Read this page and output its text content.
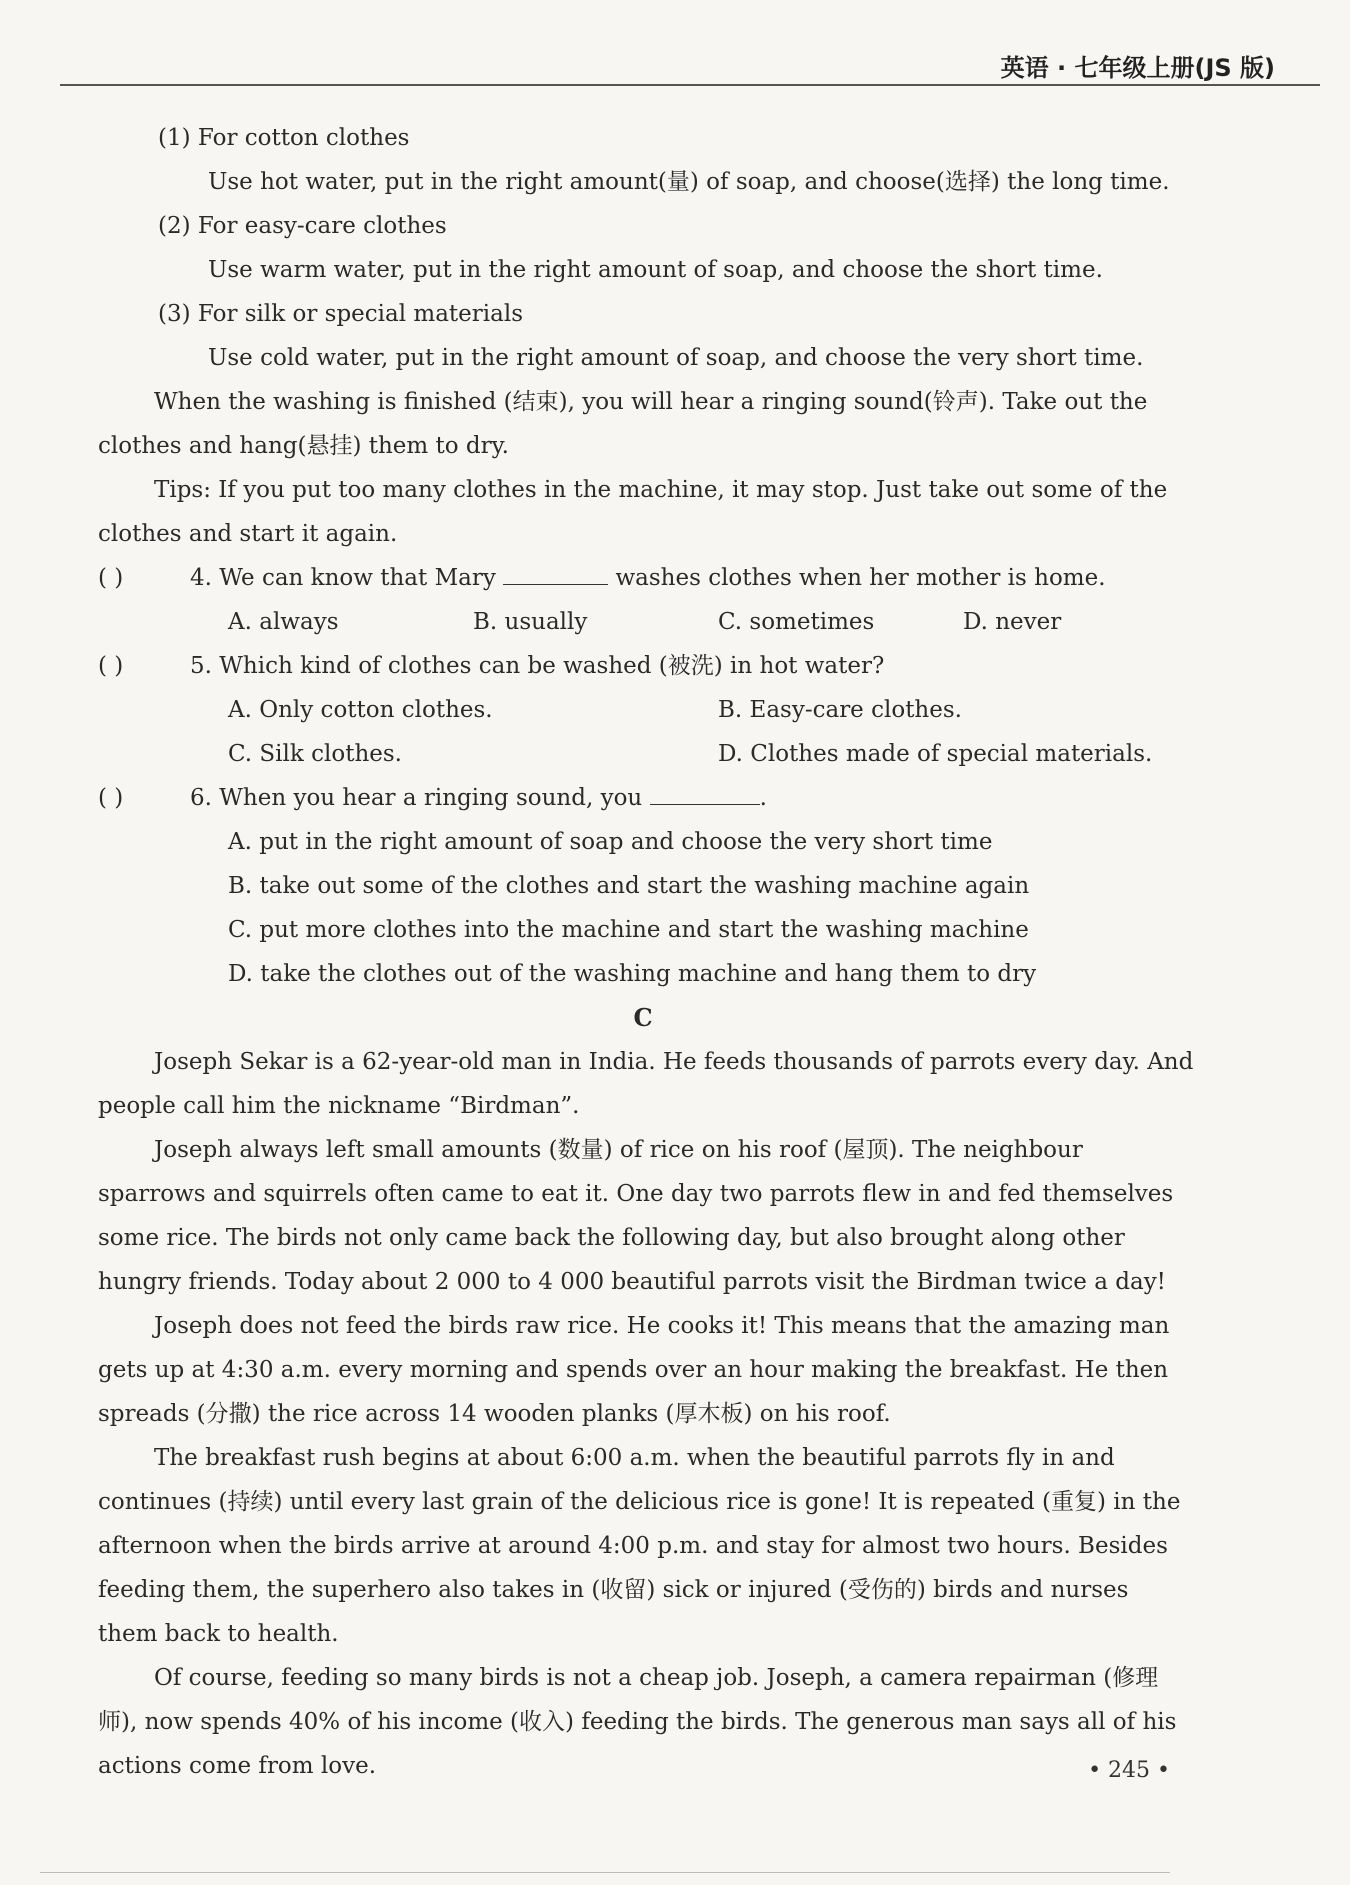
英语 · 七年级上册(JS 版)
(1) For cotton clothes
Use hot water, put in the right amount(量) of soap, and choose(选择) the long time.
(2) For easy-care clothes
Use warm water, put in the right amount of soap, and choose the short time.
(3) For silk or special materials
Use cold water, put in the right amount of soap, and choose the very short time.
When the washing is finished (结束), you will hear a ringing sound(铃声). Take out the
clothes and hang(悬挂) them to dry.
Tips: If you put too many clothes in the machine, it may stop. Just take out some of the
clothes and start it again.
( )	4. We can know that Mary	washes clothes when her mother is home.
A. always	B. usually	C. sometimes	D. never
( )	5. Which kind of clothes can be washed (被洗) in hot water?
A. Only cotton clothes.	B. Easy-care clothes.
C. Silk clothes.	D. Clothes made of special materials.
( )	6. When you hear a ringing sound, you	.
A. put in the right amount of soap and choose the very short time
B. take out some of the clothes and start the washing machine again
C. put more clothes into the machine and start the washing machine
D. take the clothes out of the washing machine and hang them to dry
C
Joseph Sekar is a 62-year-old man in India. He feeds thousands of parrots every day. And
people call him the nickname “Birdman”.
Joseph always left small amounts (数量) of rice on his roof (屋顶). The neighbour
sparrows and squirrels often came to eat it. One day two parrots flew in and fed themselves
some rice. The birds not only came back the following day, but also brought along other
hungry friends. Today about 2 000 to 4 000 beautiful parrots visit the Birdman twice a day!
Joseph does not feed the birds raw rice. He cooks it! This means that the amazing man
gets up at 4:30 a.m. every morning and spends over an hour making the breakfast. He then
spreads (分撒) the rice across 14 wooden planks (厚木板) on his roof.
The breakfast rush begins at about 6:00 a.m. when the beautiful parrots fly in and
continues (持续) until every last grain of the delicious rice is gone! It is repeated (重复) in the
afternoon when the birds arrive at around 4:00 p.m. and stay for almost two hours. Besides
feeding them, the superhero also takes in (收留) sick or injured (受伤的) birds and nurses
them back to health.
Of course, feeding so many birds is not a cheap job. Joseph, a camera repairman (修理
师), now spends 40% of his income (收入) feeding the birds. The generous man says all of his
actions come from love.	• 245 •
